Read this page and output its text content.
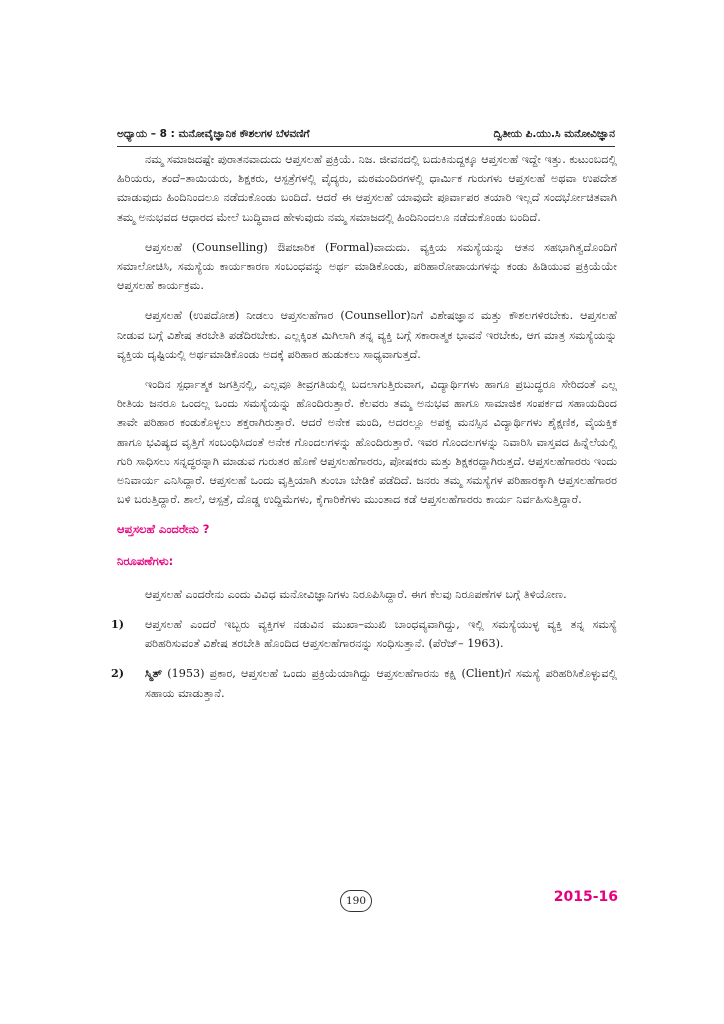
ಅಧ್ಯಾಯ – 8 : ಮನೋವೈಜ್ಞಾನಿಕ ಕೌಶಲಗಳ ಬೆಳವಣಿಗೆ	ದ್ವಿತೀಯ ಪಿ.ಯು.ಸಿ ಮನೋವಿಜ್ಞಾನ

ನಮ್ಮ ಸಮಾಜದಷ್ಟೇ ಪುರಾತನವಾದುದು ಆಪ್ತಸಲಹೆ ಪ್ರಕ್ರಿಯೆ. ನಿಜ. ಜೀವನದಲ್ಲಿ ಬದುಕಿನುದ್ದಕ್ಕೂ ಆಪ್ತಸಲಹೆ ಇದ್ದೇ ಇತ್ತು. ಕುಟುಂಬದಲ್ಲಿ ಹಿರಿಯರು, ತಂದೆ–ತಾಯಿಯರು, ಶಿಕ್ಷಕರು, ಆಸ್ಪತ್ರೆಗಳಲ್ಲಿ ವೈದ್ಯರು, ಮಠಮಂದಿರಗಳಲ್ಲಿ ಧಾರ್ಮಿಕ ಗುರುಗಳು ಆಪ್ತಸಲಹೆ ಅಥವಾ ಉಪದೇಶ ಮಾಡುವುದು ಹಿಂದಿನಿಂದಲೂ ನಡೆದುಕೊಂಡು ಬಂದಿದೆ. ಆದರೆ ಈ ಆಪ್ತಸಲಹೆ ಯಾವುದೇ ಪೂರ್ವಾಪರ ತಯಾರಿ ಇಲ್ಲದೆ ಸಂದರ್ಭೋಚಿತವಾಗಿ ತಮ್ಮ ಅನುಭವದ ಆಧಾರದ ಮೇಲೆ ಬುದ್ಧಿವಾದ ಹೇಳುವುದು ನಮ್ಮ ಸಮಾಜದಲ್ಲಿ ಹಿಂದಿನಿಂದಲೂ ನಡೆದುಕೊಂಡು ಬಂದಿದೆ.

ಆಪ್ತಸಲಹೆ (Counselling) ಔಪಚಾರಿಕ (Formal)ವಾದುದು. ವ್ಯಕ್ತಿಯ ಸಮಸ್ಯೆಯನ್ನು ಆತನ ಸಹಭಾಗಿತ್ವದೊಂದಿಗೆ ಸಮಾಲೋಚಿಸಿ, ಸಮಸ್ಯೆಯ ಕಾರ್ಯಕಾರಣ ಸಂಬಂಧವನ್ನು ಅರ್ಥ ಮಾಡಿಕೊಂಡು, ಪರಿಹಾರೋಪಾಯಗಳನ್ನು ಕಂಡು ಹಿಡಿಯುವ ಪ್ರಕ್ರಿಯೆಯೇ ಆಪ್ತಸಲಹೆ ಕಾರ್ಯಕ್ರಮ.

ಆಪ್ತಸಲಹೆ (ಉಪದೋಶ) ನೀಡಲು ಆಪ್ತಸಲಹೆಗಾರ (Counsellor)ನಿಗೆ ವಿಶೇಷಜ್ಞಾನ ಮತ್ತು ಕೌಶಲಗಳಿರಬೇಕು. ಆಪ್ತಸಲಹೆ ನೀಡುವ ಬಗ್ಗೆ ವಿಶೇಷ ತರಬೇತಿ ಪಡೆದಿರಬೇಕು. ಎಲ್ಲಕ್ಕಿಂತ ಮಿಗಿಲಾಗಿ ತನ್ನ ವ್ಯಕ್ತಿ ಬಗ್ಗೆ ಸಕಾರಾತ್ಮಕ ಭಾವನೆ ಇರಬೇಕು, ಆಗ ಮಾತ್ರ ಸಮಸ್ಯೆಯನ್ನು ವ್ಯಕ್ತಿಯ ದೃಷ್ಟಿಯಲ್ಲಿ ಅರ್ಥಮಾಡಿಕೊಂಡು ಅದಕ್ಕೆ ಪರಿಹಾರ ಹುಡುಕಲು ಸಾಧ್ಯವಾಗುತ್ತದೆ.

ಇಂದಿನ ಸ್ಪರ್ಧಾತ್ಮಕ ಜಗತ್ತಿನಲ್ಲಿ, ಎಲ್ಲವೂ ತೀವ್ರಗತಿಯಲ್ಲಿ ಬದಲಾಗುತ್ತಿರುವಾಗ, ವಿದ್ಯಾರ್ಥಿಗಳು ಹಾಗೂ ಪ್ರಬುದ್ಧರೂ ಸೇರಿದಂತೆ ಎಲ್ಲ ರೀತಿಯ ಜನರೂ ಒಂದಲ್ಲ ಒಂದು ಸಮಸ್ಯೆಯನ್ನು ಹೊಂದಿರುತ್ತಾರೆ. ಕೆಲವರು ತಮ್ಮ ಅನುಭವ ಹಾಗೂ ಸಾಮಾಜಿಕ ಸಂಪರ್ಕದ ಸಹಾಯದಿಂದ ತಾವೇ ಪರಿಹಾರ ಕಂಡುಕೊಳ್ಳಲು ಶಕ್ತರಾಗಿರುತ್ತಾರೆ. ಆದರೆ ಅನೇಕ ಮಂದಿ, ಅದರಲ್ಲೂ ಅಪಕ್ವ ಮನಸ್ಸಿನ ವಿದ್ಯಾರ್ಥಿಗಳು ಶೈಕ್ಷಣಿಕ, ವೈಯಕ್ತಿಕ ಹಾಗೂ ಭವಿಷ್ಯದ ವೃತ್ತಿಗೆ ಸಂಬಂಧಿಸಿದಂತೆ ಅನೇಕ ಗೊಂದಲಗಳನ್ನು ಹೊಂದಿರುತ್ತಾರೆ. ಇವರ ಗೊಂದಲಗಳನ್ನು ನಿವಾರಿಸಿ ವಾಸ್ತವದ ಹಿನ್ನೆಲೆಯಲ್ಲಿ ಗುರಿ ಸಾಧಿಸಲು ಸನ್ನದ್ಧರನ್ನಾಗಿ ಮಾಡುವ ಗುರುತರ ಹೊಣೆ ಆಪ್ತಸಲಹೆಗಾರರು, ಪೋಷಕರು ಮತ್ತು ಶಿಕ್ಷಕರದ್ದಾಗಿರುತ್ತದೆ. ಆಪ್ತಸಲಹೆಗಾರರು ಇಂದು ಅನಿವಾರ್ಯ ಎನಿಸಿದ್ದಾರೆ. ಆಪ್ತಸಲಹೆ ಒಂದು ವೃತ್ತಿಯಾಗಿ ತುಂಬಾ ಬೇಡಿಕೆ ಪಡೆದಿದೆ. ಜನರು ತಮ್ಮ ಸಮಸ್ಯೆಗಳ ಪರಿಹಾರಕ್ಕಾಗಿ ಆಪ್ತಸಲಹೆಗಾರರ ಬಳಿ ಬರುತ್ತಿದ್ದಾರೆ. ಶಾಲೆ, ಆಸ್ಪತ್ರೆ, ದೊಡ್ಡ ಉದ್ದಿಮೆಗಳು, ಕೈಗಾರಿಕೆಗಳು ಮುಂತಾದ ಕಡೆ ಆಪ್ತಸಲಹೆಗಾರರು ಕಾರ್ಯ ನಿರ್ವಹಿಸುತ್ತಿದ್ದಾರೆ.

ಆಪ್ತಸಲಹೆ ಎಂದರೇನು ?
ನಿರೂಪಣೆಗಳು:

ಆಪ್ತಸಲಹೆ ಎಂದರೇನು ಎಂದು ವಿವಿಧ ಮನೋವಿಜ್ಞಾನಿಗಳು ನಿರೂಪಿಸಿದ್ದಾರೆ. ಈಗ ಕೆಲವು ನಿರೂಪಣೆಗಳ ಬಗ್ಗೆ ತಿಳಿಯೋಣ.

1)	ಆಪ್ತಸಲಹೆ ಎಂದರೆ ಇಬ್ಬರು ವ್ಯಕ್ತಿಗಳ ನಡುವಿನ ಮುಖಾ–ಮುಖಿ ಬಾಂಧವ್ಯವಾಗಿದ್ದು, ಇಲ್ಲಿ ಸಮಸ್ಯೆಯುಳ್ಳ ವ್ಯಕ್ತಿ ತನ್ನ ಸಮಸ್ಯೆ ಪರಿಹರಿಸುವಂತೆ ವಿಶೇಷ ತರಬೇತಿ ಹೊಂದಿದ ಆಪ್ತಸಲಹೆಗಾರನನ್ನು ಸಂಧಿಸುತ್ತಾನೆ. (ಪೆರೆಜ್– 1963).
2)	ಸ್ಮಿತ್ (1953) ಪ್ರಕಾರ, ಆಪ್ತಸಲಹೆ ಒಂದು ಪ್ರಕ್ರಿಯೆಯಾಗಿದ್ದು ಆಪ್ತಸಲಹೆಗಾರನು ಕಕ್ಷಿ (Client)ಗೆ ಸಮಸ್ಯೆ ಪರಿಹರಿಸಿಕೊಳ್ಳುವಲ್ಲಿ ಸಹಾಯ ಮಾಡುತ್ತಾನೆ.
190	2015-16
